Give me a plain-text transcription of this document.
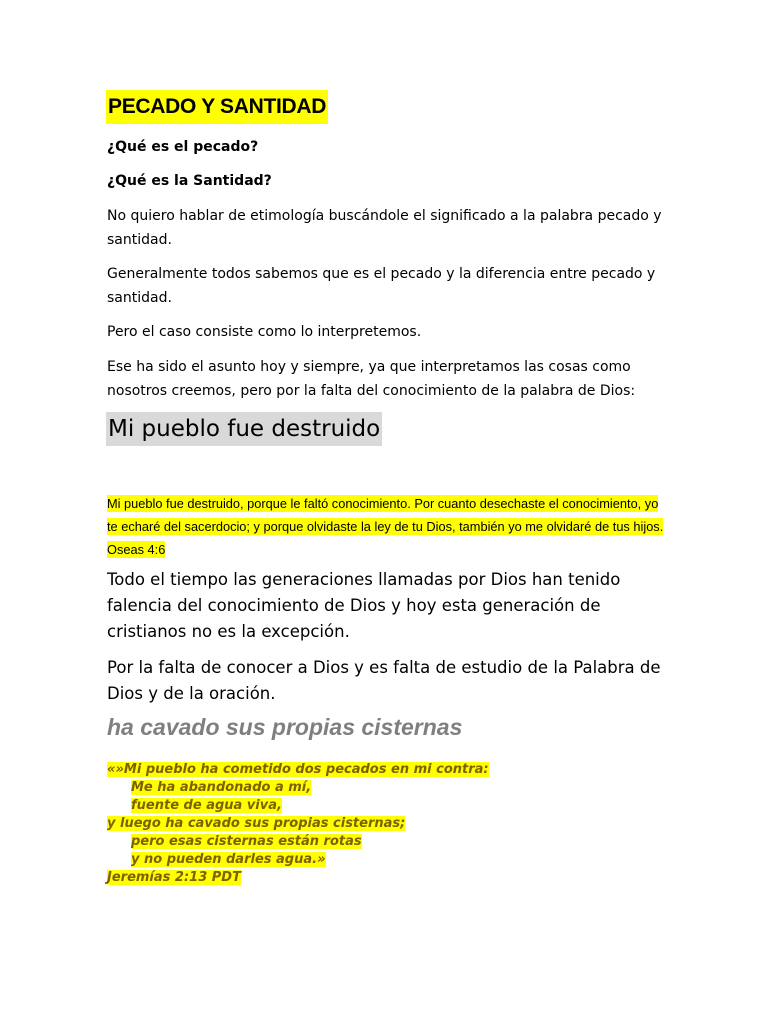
PECADO Y SANTIDAD
¿Qué es el pecado?
¿Qué es la Santidad?

No quiero hablar de etimología buscándole el significado a la palabra pecado y santidad.

Generalmente todos sabemos que es el pecado y la diferencia entre pecado y santidad.

Pero el caso consiste como lo interpretemos.

Ese ha sido el asunto hoy y siempre, ya que interpretamos las cosas como nosotros creemos, pero por la falta del conocimiento de la palabra de Dios:

Mi pueblo fue destruido

Mi pueblo fue destruido, porque le faltó conocimiento. Por cuanto desechaste el conocimiento, yo te echaré del sacerdocio; y porque olvidaste la ley de tu Dios, también yo me olvidaré de tus hijos. Oseas 4:6

Todo el tiempo las generaciones llamadas por Dios han tenido falencia del conocimiento de Dios y hoy esta generación de cristianos no es la excepción.

Por la falta de conocer a Dios y es falta de estudio de la Palabra de Dios y de la oración.

ha cavado sus propias cisternas
«»Mi pueblo ha cometido dos pecados en mi contra:
Me ha abandonado a mí,
fuente de agua viva,
y luego ha cavado sus propias cisternas;
pero esas cisternas están rotas
y no pueden darles agua.»
Jeremías 2:13 PDT
